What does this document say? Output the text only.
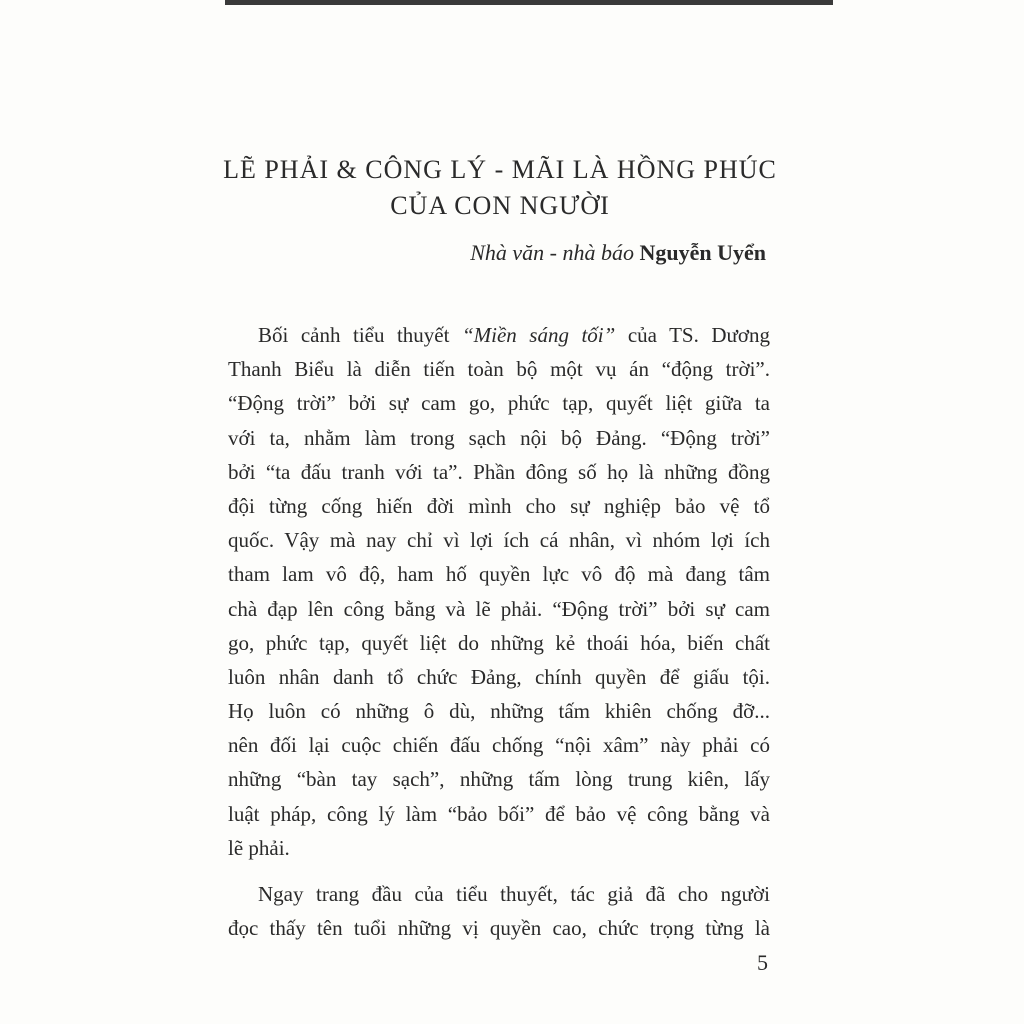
LẼ PHẢI & CÔNG LÝ - MÃI LÀ HỒNG PHÚC
CỦA CON NGƯỜI
Nhà văn - nhà báo Nguyễn Uyển
Bối cảnh tiểu thuyết “Miền sáng tối” của TS. Dương
Thanh Biểu là diễn tiến toàn bộ một vụ án “động trời”.
“Động trời” bởi sự cam go, phức tạp, quyết liệt giữa ta
với ta, nhằm làm trong sạch nội bộ Đảng. “Động trời”
bởi “ta đấu tranh với ta”. Phần đông số họ là những đồng
đội từng cống hiến đời mình cho sự nghiệp bảo vệ tổ
quốc. Vậy mà nay chỉ vì lợi ích cá nhân, vì nhóm lợi ích
tham lam vô độ, ham hố quyền lực vô độ mà đang tâm
chà đạp lên công bằng và lẽ phải. “Động trời” bởi sự cam
go, phức tạp, quyết liệt do những kẻ thoái hóa, biến chất
luôn nhân danh tổ chức Đảng, chính quyền để giấu tội.
Họ luôn có những ô dù, những tấm khiên chống đỡ...
nên đối lại cuộc chiến đấu chống “nội xâm” này phải có
những “bàn tay sạch”, những tấm lòng trung kiên, lấy
luật pháp, công lý làm “bảo bối” để bảo vệ công bằng và
lẽ phải.
Ngay trang đầu của tiểu thuyết, tác giả đã cho người
đọc thấy tên tuổi những vị quyền cao, chức trọng từng là
5
